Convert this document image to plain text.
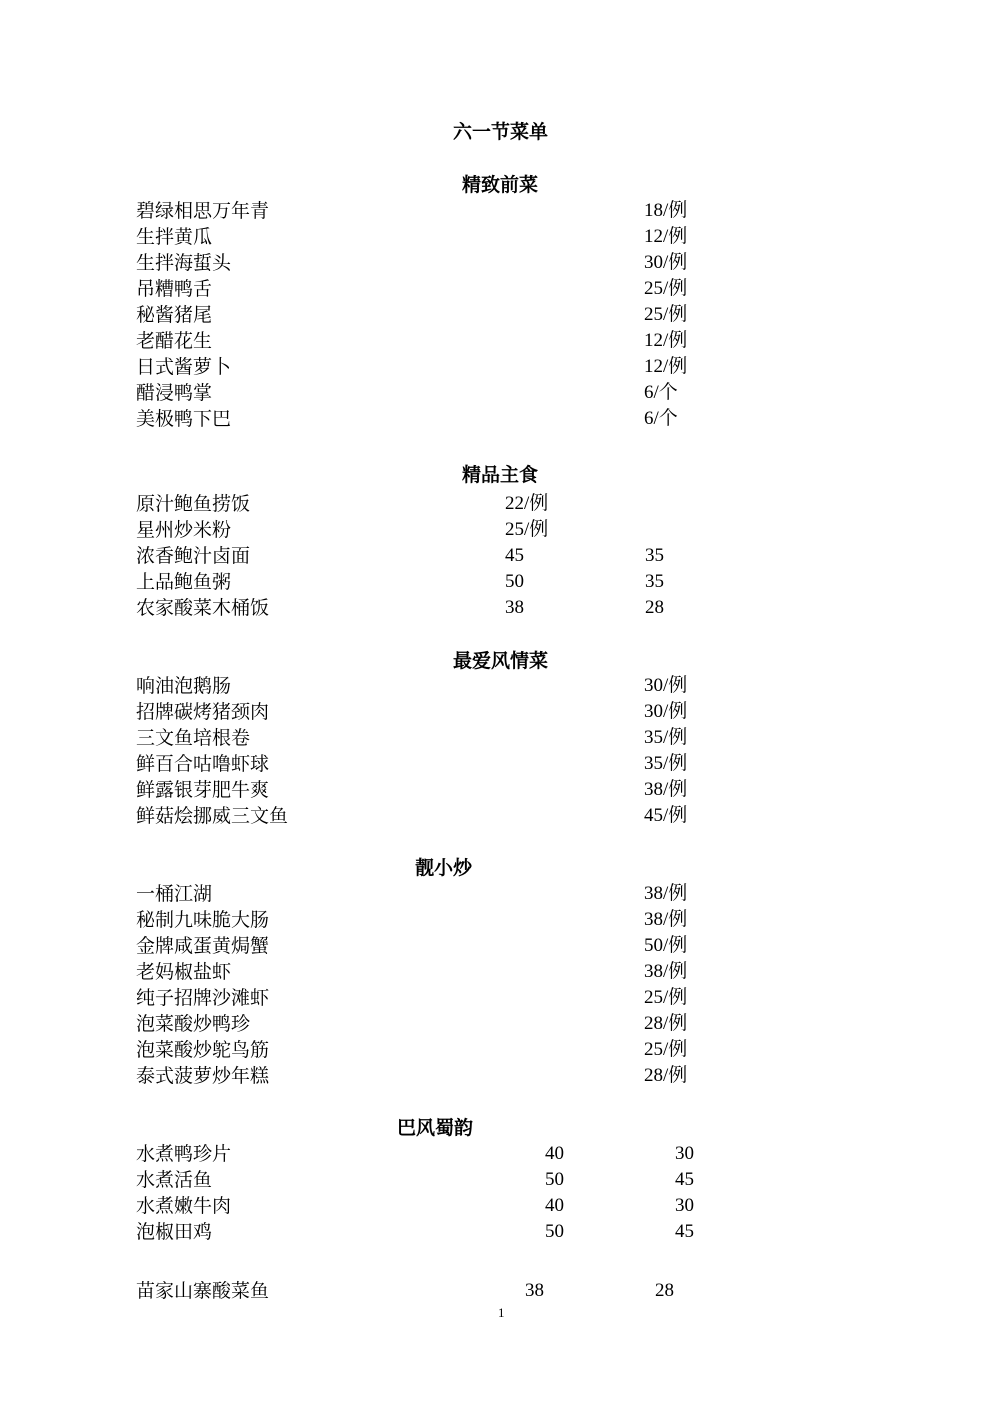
六一节菜单
精致前菜
碧绿相思万年青	18/例
生拌黄瓜	12/例
生拌海蜇头	30/例
吊糟鸭舌	25/例
秘酱猪尾	25/例
老醋花生	12/例
日式酱萝卜	12/例
醋浸鸭掌	6/个
美极鸭下巴	6/个
精品主食
原汁鲍鱼捞饭	22/例
星州炒米粉	25/例
浓香鲍汁卤面	45	35
上品鲍鱼粥	50	35
农家酸菜木桶饭	38	28
最爱风情菜
响油泡鹅肠	30/例
招牌碳烤猪颈肉	30/例
三文鱼培根卷	35/例
鲜百合咕噜虾球	35/例
鲜露银芽肥牛爽	38/例
鲜菇烩挪威三文鱼	45/例
靓小炒
一桶江湖	38/例
秘制九味脆大肠	38/例
金牌咸蛋黄焗蟹	50/例
老妈椒盐虾	38/例
纯子招牌沙滩虾	25/例
泡菜酸炒鸭珍	28/例
泡菜酸炒鸵鸟筋	25/例
泰式菠萝炒年糕	28/例
巴风蜀韵
水煮鸭珍片	40	30
水煮活鱼	50	45
水煮嫩牛肉	40	30
泡椒田鸡	50	45
苗家山寨酸菜鱼	38	28
1
